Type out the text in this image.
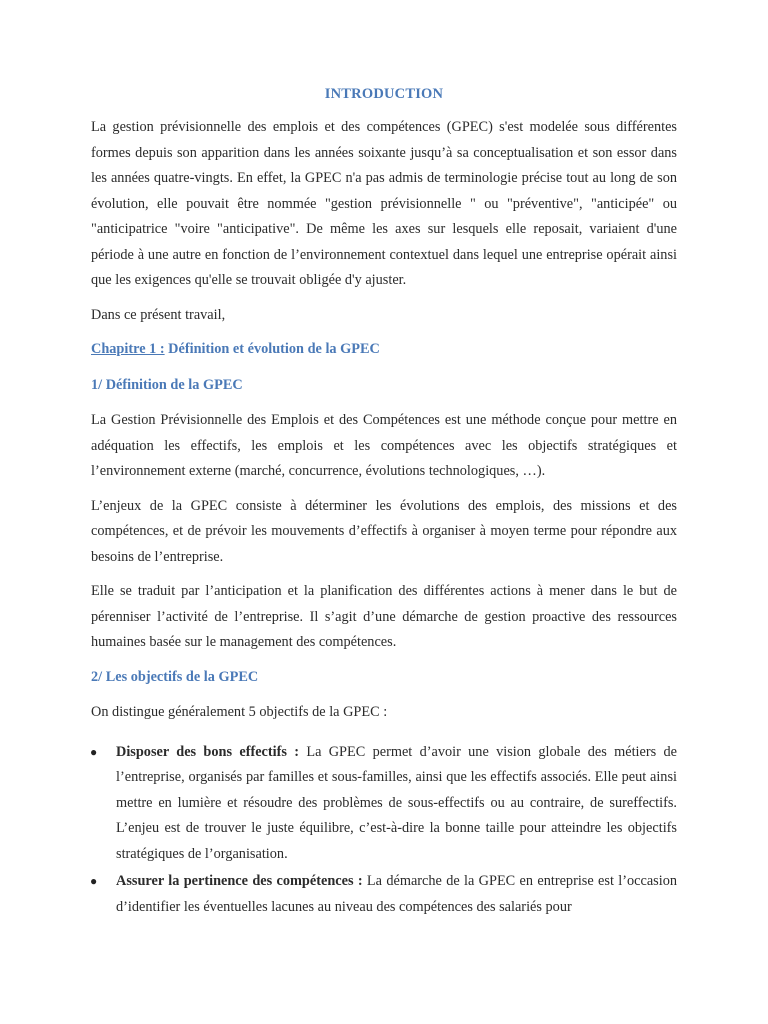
INTRODUCTION

La gestion prévisionnelle des emplois et des compétences (GPEC) s'est modelée sous différentes formes depuis son apparition dans les années soixante jusqu’à sa conceptualisation et son essor dans les années quatre-vingts. En effet, la GPEC n'a pas admis de terminologie précise tout au long de son évolution, elle pouvait être nommée "gestion prévisionnelle " ou "préventive", "anticipée" ou "anticipatrice "voire "anticipative". De même les axes sur lesquels elle reposait, variaient d'une période à une autre en fonction de l’environnement contextuel dans lequel une entreprise opérait ainsi que les exigences qu'elle se trouvait obligée d'y ajuster.

Dans ce présent travail,

Chapitre 1 : Définition et évolution de la GPEC
1/ Définition de la GPEC

La Gestion Prévisionnelle des Emplois et des Compétences est une méthode conçue pour mettre en adéquation les effectifs, les emplois et les compétences avec les objectifs stratégiques et l’environnement externe (marché, concurrence, évolutions technologiques, …).

L’enjeux de la GPEC consiste à déterminer les évolutions des emplois, des missions et des compétences, et de prévoir les mouvements d’effectifs à organiser à moyen terme pour répondre aux besoins de l’entreprise.

Elle se traduit par l’anticipation et la planification des différentes actions à mener dans le but de pérenniser l’activité de l’entreprise. Il s’agit d’une démarche de gestion proactive des ressources humaines basée sur le management des compétences.

2/ Les objectifs de la GPEC

On distingue généralement 5 objectifs de la GPEC :

● Disposer des bons effectifs : La GPEC permet d’avoir une vision globale des métiers de l’entreprise, organisés par familles et sous-familles, ainsi que les effectifs associés. Elle peut ainsi mettre en lumière et résoudre des problèmes de sous-effectifs ou au contraire, de sureffectifs. L’enjeu est de trouver le juste équilibre, c’est-à-dire la bonne taille pour atteindre les objectifs stratégiques de l’organisation.
● Assurer la pertinence des compétences : La démarche de la GPEC en entreprise est l’occasion d’identifier les éventuelles lacunes au niveau des compétences des salariés pour
